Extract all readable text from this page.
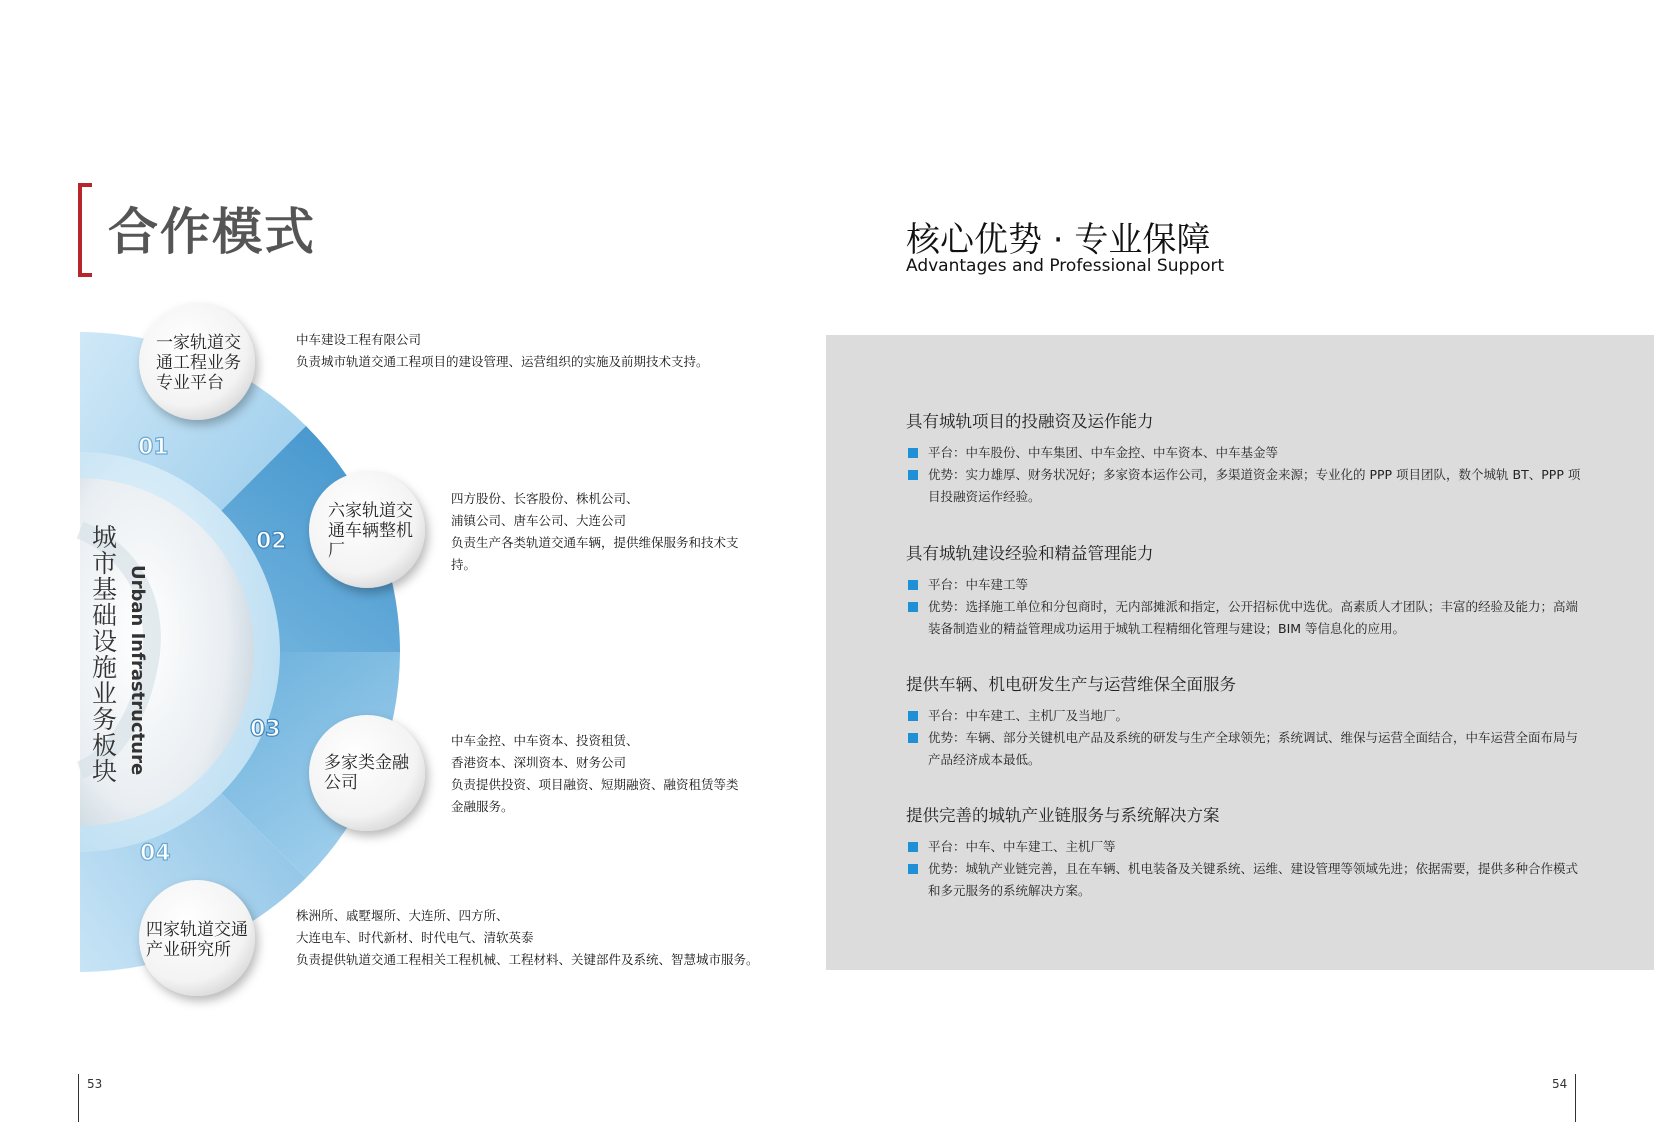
合作模式
01
02
03
04
城市基础设施业务板块 Urban Infrastructure
一家轨道交
通工程业务
专业平台
六家轨道交
通车辆整机
厂
多家类金融
公司
四家轨道交通
产业研究所
中车建设工程有限公司
负责城市轨道交通工程项目的建设管理、运营组织的实施及前期技术支持。
四方股份、长客股份、株机公司、
浦镇公司、唐车公司、大连公司
负责生产各类轨道交通车辆，提供维保服务和技术支
持。
中车金控、中车资本、投资租赁、
香港资本、深圳资本、财务公司
负责提供投资、项目融资、短期融资、融资租赁等类
金融服务。
株洲所、戚墅堰所、大连所、四方所、
大连电车、时代新材、时代电气、清软英泰
负责提供轨道交通工程相关工程机械、工程材料、关键部件及系统、智慧城市服务。
53
核心优势 · 专业保障
Advantages and Professional Support
具有城轨项目的投融资及运作能力

平台：中车股份、中车集团、中车金控、中车资本、中车基金等

优势：实力雄厚、财务状况好；多家资本运作公司，多渠道资金来源；专业化的 PPP 项目团队，数个城轨 BT、PPP 项目投融资运作经验。

具有城轨建设经验和精益管理能力

平台：中车建工等

优势：选择施工单位和分包商时，无内部摊派和指定，公开招标优中选优。高素质人才团队；丰富的经验及能力；高端装备制造业的精益管理成功运用于城轨工程精细化管理与建设；BIM 等信息化的应用。

提供车辆、机电研发生产与运营维保全面服务

平台：中车建工、主机厂及当地厂。

优势：车辆、部分关键机电产品及系统的研发与生产全球领先；系统调试、维保与运营全面结合，中车运营全面布局与产品经济成本最低。

提供完善的城轨产业链服务与系统解决方案

平台：中车、中车建工、主机厂等

优势：城轨产业链完善，且在车辆、机电装备及关键系统、运维、建设管理等领域先进；依据需要，提供多种合作模式和多元服务的系统解决方案。

54
